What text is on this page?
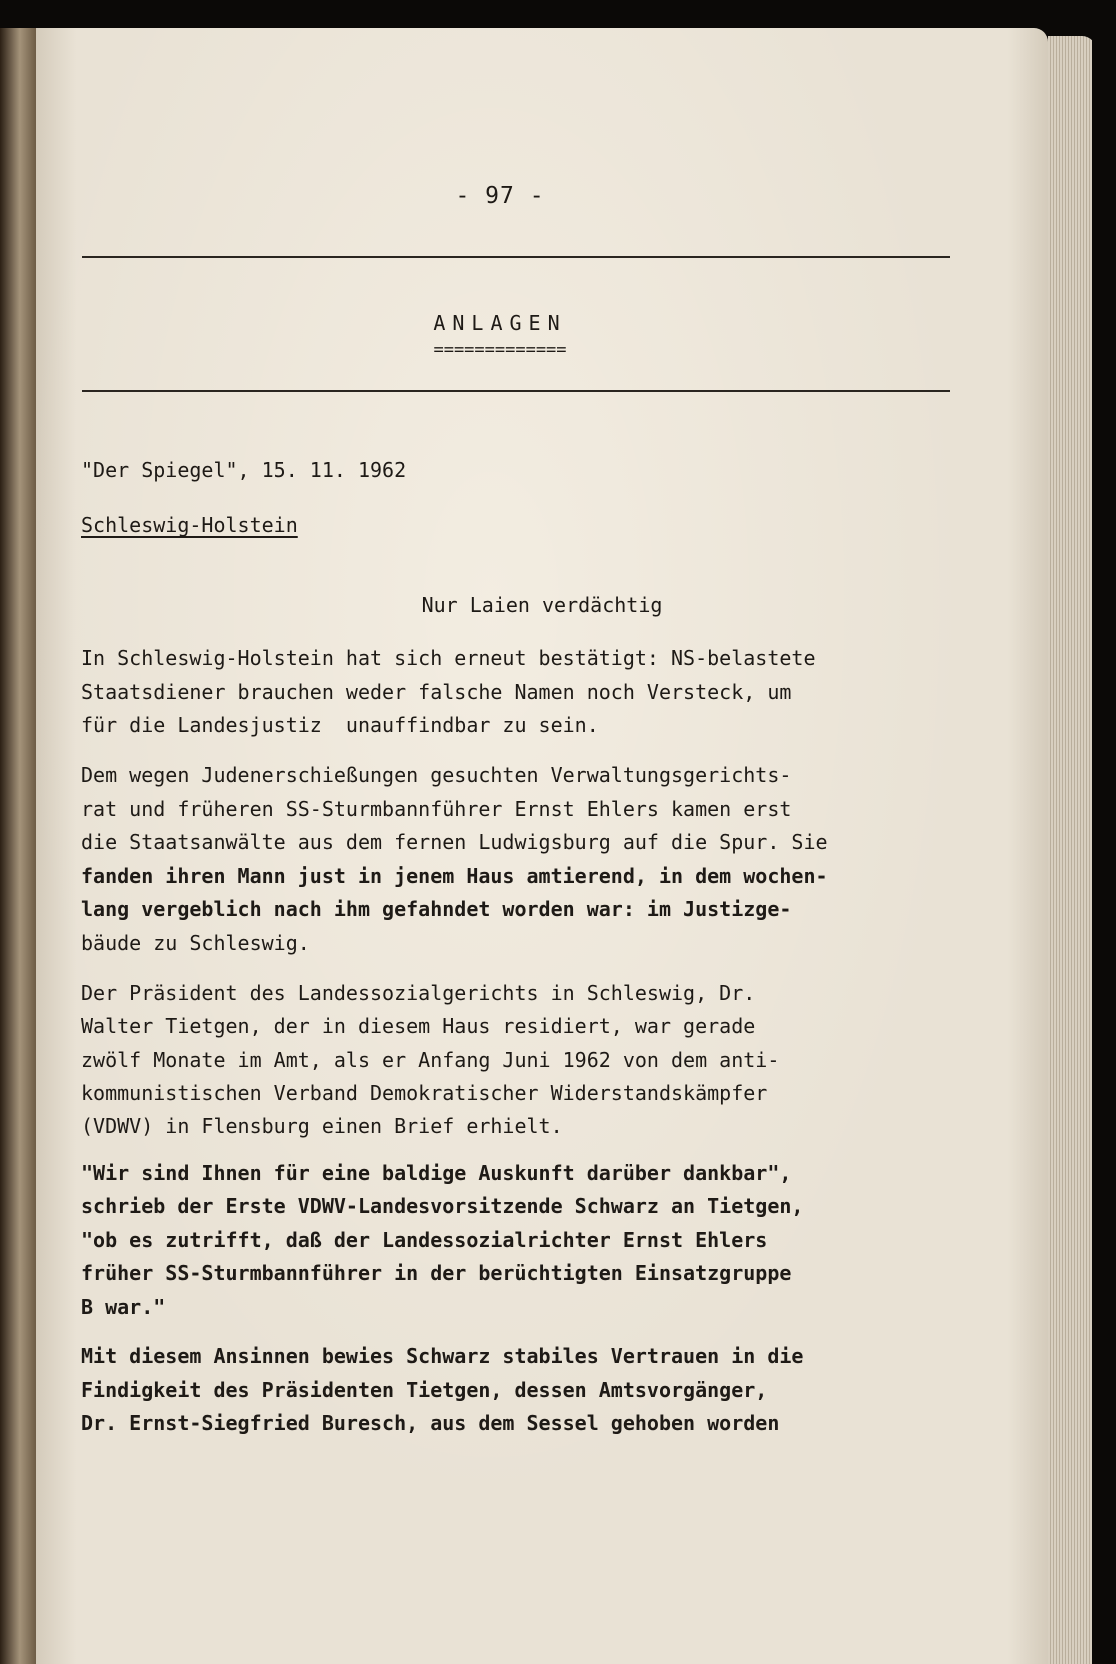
- 97 -
ANLAGEN
=============
"Der Spiegel", 15. 11. 1962
Schleswig-Holstein
Nur Laien verdächtig
In Schleswig-Holstein hat sich erneut bestätigt: NS-belastete
Staatsdiener brauchen weder falsche Namen noch Versteck, um
für die Landesjustiz  unauffindbar zu sein.
Dem wegen Judenerschießungen gesuchten Verwaltungsgerichts-
rat und früheren SS-Sturmbannführer Ernst Ehlers kamen erst
die Staatsanwälte aus dem fernen Ludwigsburg auf die Spur. Sie
fanden ihren Mann just in jenem Haus amtierend, in dem wochen-
lang vergeblich nach ihm gefahndet worden war: im Justizge-
bäude zu Schleswig.
Der Präsident des Landessozialgerichts in Schleswig, Dr.
Walter Tietgen, der in diesem Haus residiert, war gerade
zwölf Monate im Amt, als er Anfang Juni 1962 von dem anti-
kommunistischen Verband Demokratischer Widerstandskämpfer
(VDWV) in Flensburg einen Brief erhielt.
"Wir sind Ihnen für eine baldige Auskunft darüber dankbar",
schrieb der Erste VDWV-Landesvorsitzende Schwarz an Tietgen,
"ob es zutrifft, daß der Landessozialrichter Ernst Ehlers
früher SS-Sturmbannführer in der berüchtigten Einsatzgruppe
B war."
Mit diesem Ansinnen bewies Schwarz stabiles Vertrauen in die
Findigkeit des Präsidenten Tietgen, dessen Amtsvorgänger,
Dr. Ernst-Siegfried Buresch, aus dem Sessel gehoben worden
